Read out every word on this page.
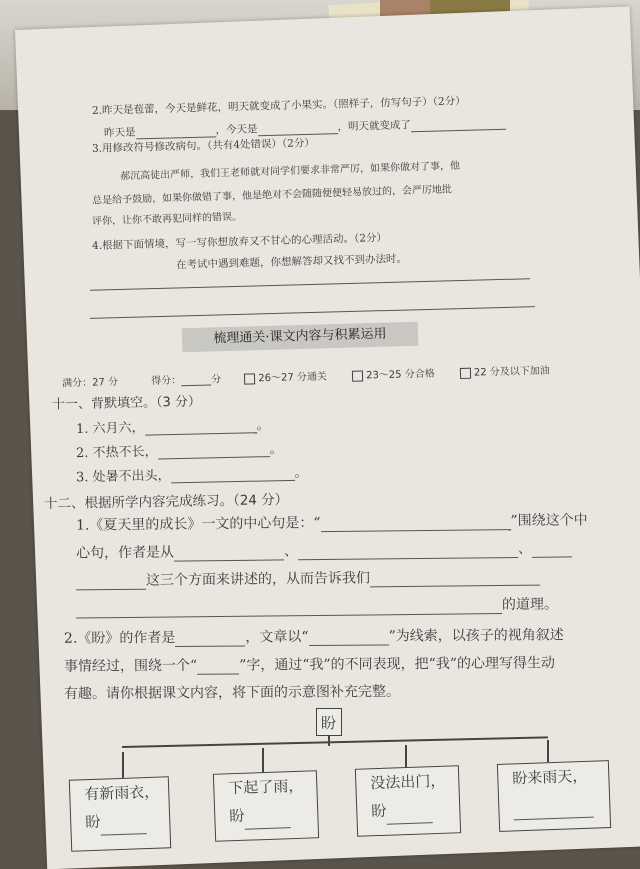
2.昨天是苞蕾，今天是鲜花，明天就变成了小果实。（照样子，仿写句子）（2分）
昨天是	，今天是	，明天就变成了
3.用修改符号修改病句。（共有4处错误）（2分）
郝沉高徒出严师，我们王老师就对同学们要求非常严厉，如果你做对了事，他
总是给予鼓励，如果你做错了事，他是绝对不会随随便便轻易放过的，会严厉地批
评你，让你不敢再犯同样的错误。
4.根据下面情境，写一写你想放弃又不甘心的心理活动。（2分）
在考试中遇到难题，你想解答却又找不到办法时。
梳理通关·课文内容与积累运用
满分：27 分	得分：	分	26～27 分通关	23～25 分合格	22 分及以下加油
十一、背默填空。（3 分）
1. 六月六，	。
2. 不热不长，	。
3. 处暑不出头，	。
十二、根据所学内容完成练习。（24 分）
1.《夏天里的成长》一文的中心句是：“	”围绕这个中
心句，作者是从	、	、
这三个方面来讲述的，从而告诉我们
的道理。
2.《盼》的作者是	，文章以“	”为线索，以孩子的视角叙述
事情经过，围绕一个“	”字，通过“我”的不同表现，把“我”的心理写得生动
有趣。请你根据课文内容，将下面的示意图补充完整。
盼
有新雨衣，
盼
下起了雨，
盼
没法出门，
盼
盼来雨天，
